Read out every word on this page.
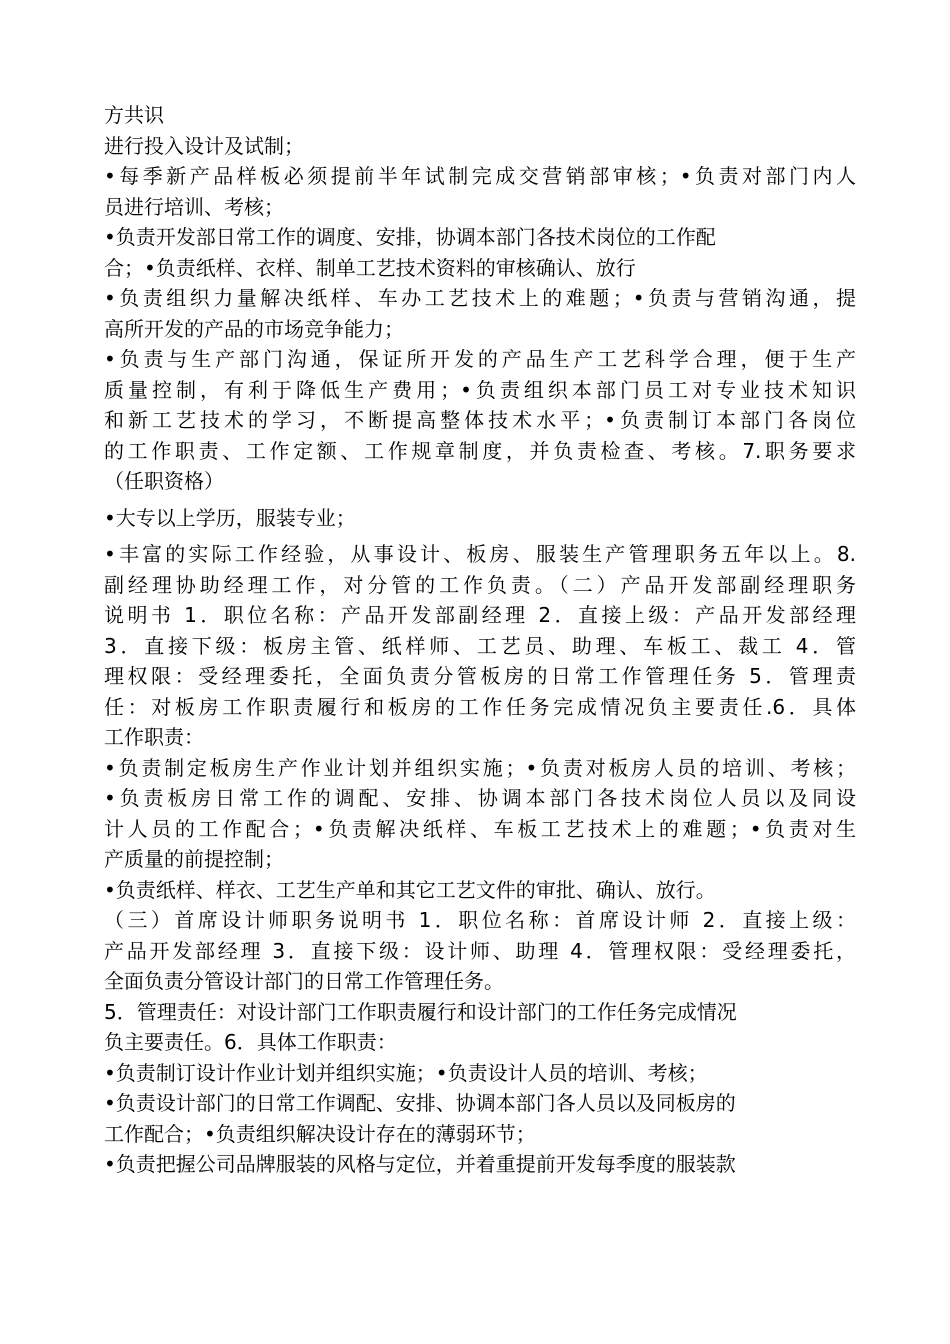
方共识
进行投入设计及试制；
•每季新产品样板必须提前半年试制完成交营销部审核；•负责对部门内人
员进行培训、考核；
•负责开发部日常工作的调度、安排，协调本部门各技术岗位的工作配
合；•负责纸样、衣样、制单工艺技术资料的审核确认、放行
•负责组织力量解决纸样、车办工艺技术上的难题；•负责与营销沟通，提
高所开发的产品的市场竞争能力；
•负责与生产部门沟通，保证所开发的产品生产工艺科学合理，便于生产
质量控制，有利于降低生产费用；•负责组织本部门员工对专业技术知识
和新工艺技术的学习，不断提高整体技术水平；•负责制订本部门各岗位
的工作职责、工作定额、工作规章制度，并负责检查、考核。7.职务要求
（任职资格）
•大专以上学历，服装专业；
•丰富的实际工作经验，从事设计、板房、服装生产管理职务五年以上。8.
副经理协助经理工作，对分管的工作负责。（二）产品开发部副经理职务
说明书 1．职位名称：产品开发部副经理 2．直接上级：产品开发部经理
3．直接下级：板房主管、纸样师、工艺员、助理、车板工、裁工 4．管
理权限：受经理委托，全面负责分管板房的日常工作管理任务 5．管理责
任：对板房工作职责履行和板房的工作任务完成情况负主要责任.6．具体
工作职责：
•负责制定板房生产作业计划并组织实施；•负责对板房人员的培训、考核；
•负责板房日常工作的调配、安排、协调本部门各技术岗位人员以及同设
计人员的工作配合；•负责解决纸样、车板工艺技术上的难题；•负责对生
产质量的前提控制；
•负责纸样、样衣、工艺生产单和其它工艺文件的审批、确认、放行。
（三）首席设计师职务说明书 1．职位名称：首席设计师 2．直接上级：
产品开发部经理 3．直接下级：设计师、助理 4．管理权限：受经理委托，
全面负责分管设计部门的日常工作管理任务。
5．管理责任：对设计部门工作职责履行和设计部门的工作任务完成情况
负主要责任。6．具体工作职责：
•负责制订设计作业计划并组织实施；•负责设计人员的培训、考核；
•负责设计部门的日常工作调配、安排、协调本部门各人员以及同板房的
工作配合；•负责组织解决设计存在的薄弱环节；
•负责把握公司品牌服装的风格与定位，并着重提前开发每季度的服装款
